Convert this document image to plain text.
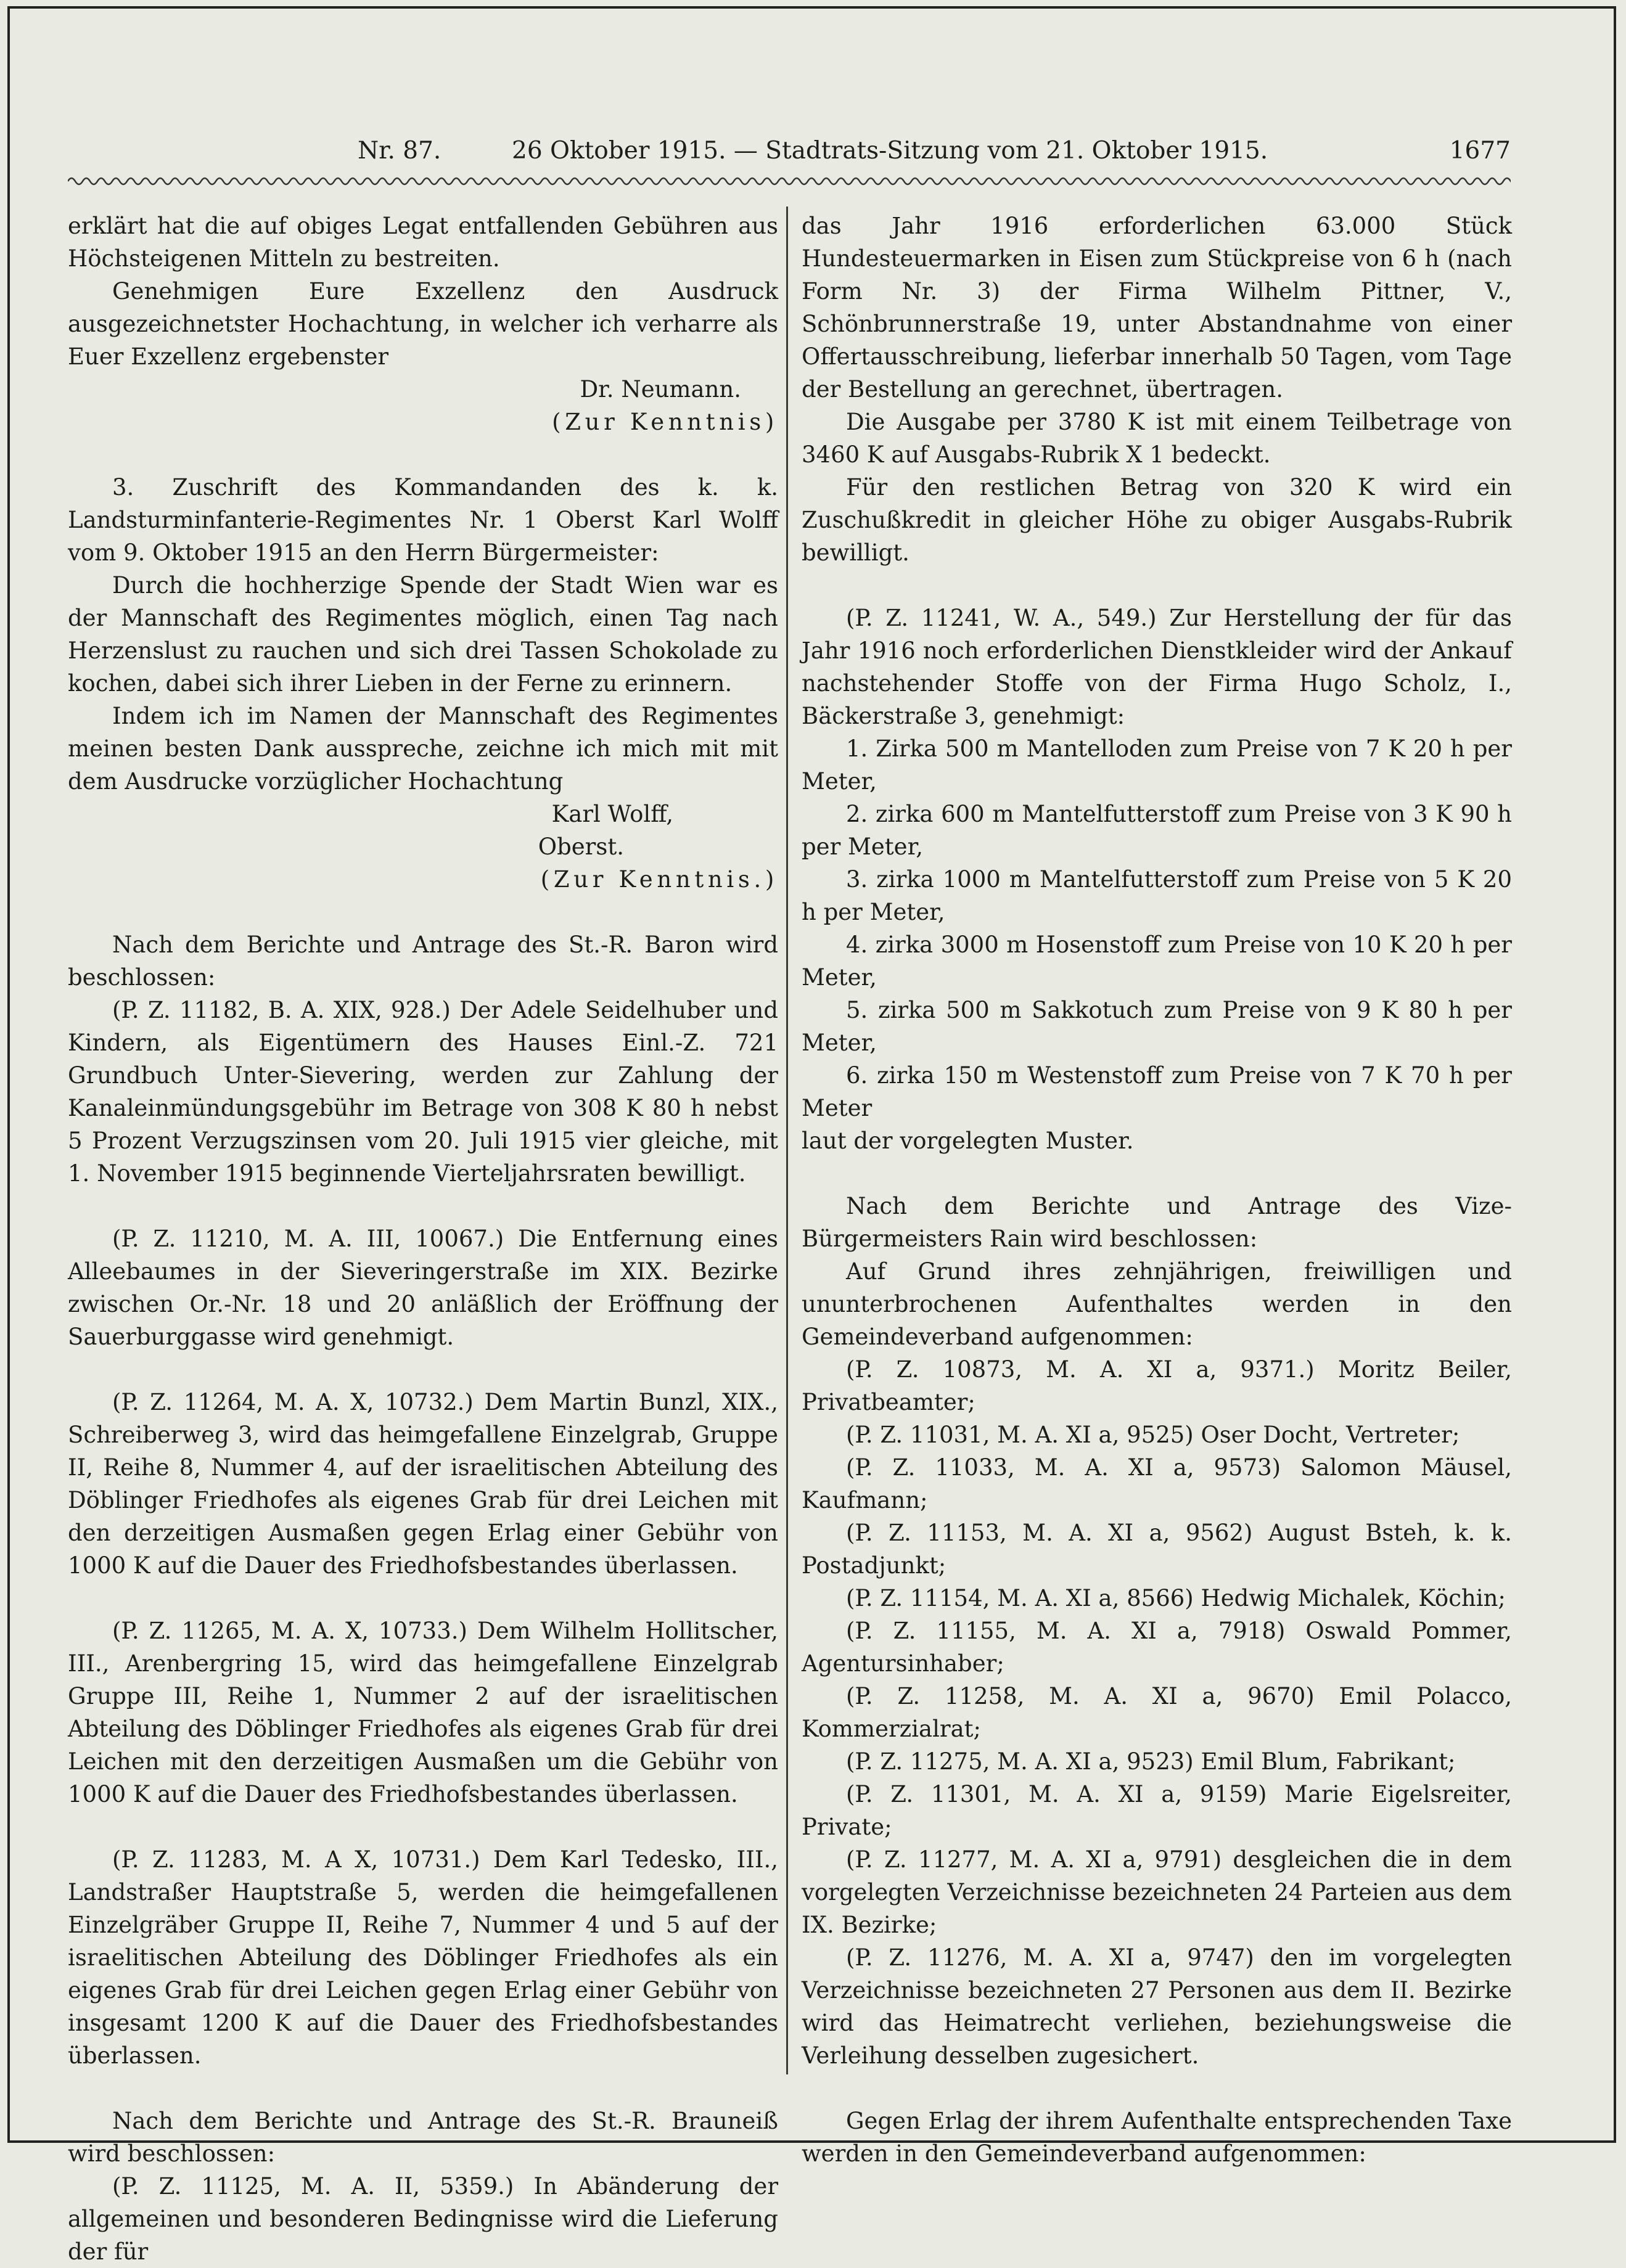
Nr. 87.	26 Oktober 1915. — Stadtrats-Sitzung vom 21. Oktober 1915.	1677

erklärt hat die auf obiges Legat entfallenden Gebühren aus Höchsteigenen Mitteln zu bestreiten.

Genehmigen Eure Exzellenz den Ausdruck ausgezeichnetster Hochachtung, in welcher ich verharre als Euer Exzellenz ergebenster

Dr. Neumann.

(Zur Kenntnis)

3. Zuschrift des Kommandanden des k. k. Landsturminfanterie-Regimentes Nr. 1 Oberst Karl Wolff vom 9. Oktober 1915 an den Herrn Bürgermeister:

Durch die hochherzige Spende der Stadt Wien war es der Mannschaft des Regimentes möglich, einen Tag nach Herzenslust zu rauchen und sich drei Tassen Schokolade zu kochen, dabei sich ihrer Lieben in der Ferne zu erinnern.

Indem ich im Namen der Mannschaft des Regimentes meinen besten Dank ausspreche, zeichne ich mich mit mit dem Ausdrucke vorzüglicher Hochachtung

Karl Wolff,

Oberst.

(Zur Kenntnis.)

Nach dem Berichte und Antrage des St.-R. Baron wird beschlossen:

(P. Z. 11182, B. A. XIX, 928.) Der Adele Seidelhuber und Kindern, als Eigentümern des Hauses Einl.-Z. 721 Grundbuch Unter-Sievering, werden zur Zahlung der Kanaleinmündungsgebühr im Betrage von 308 K 80 h nebst 5 Prozent Verzugszinsen vom 20. Juli 1915 vier gleiche, mit 1. November 1915 beginnende Vierteljahrsraten bewilligt.

(P. Z. 11210, M. A. III, 10067.) Die Entfernung eines Alleebaumes in der Sieveringerstraße im XIX. Bezirke zwischen Or.-Nr. 18 und 20 anläßlich der Eröffnung der Sauerburggasse wird genehmigt.

(P. Z. 11264, M. A. X, 10732.) Dem Martin Bunzl, XIX., Schreiberweg 3, wird das heimgefallene Einzelgrab, Gruppe II, Reihe 8, Nummer 4, auf der israelitischen Abteilung des Döblinger Friedhofes als eigenes Grab für drei Leichen mit den derzeitigen Ausmaßen gegen Erlag einer Gebühr von 1000 K auf die Dauer des Friedhofsbestandes überlassen.

(P. Z. 11265, M. A. X, 10733.) Dem Wilhelm Hollitscher, III., Arenbergring 15, wird das heimgefallene Einzelgrab Gruppe III, Reihe 1, Nummer 2 auf der israelitischen Abteilung des Döblinger Friedhofes als eigenes Grab für drei Leichen mit den derzeitigen Ausmaßen um die Gebühr von 1000 K auf die Dauer des Friedhofsbestandes überlassen.

(P. Z. 11283, M. A X, 10731.) Dem Karl Tedesko, III., Landstraßer Hauptstraße 5, werden die heimgefallenen Einzelgräber Gruppe II, Reihe 7, Nummer 4 und 5 auf der israelitischen Abteilung des Döblinger Friedhofes als ein eigenes Grab für drei Leichen gegen Erlag einer Gebühr von insgesamt 1200 K auf die Dauer des Friedhofsbestandes überlassen.

Nach dem Berichte und Antrage des St.-R. Brauneiß wird beschlossen:

(P. Z. 11125, M. A. II, 5359.) In Abänderung der allgemeinen und besonderen Bedingnisse wird die Lieferung der für

das Jahr 1916 erforderlichen 63.000 Stück Hundesteuermarken in Eisen zum Stückpreise von 6 h (nach Form Nr. 3) der Firma Wilhelm Pittner, V., Schönbrunnerstraße 19, unter Abstandnahme von einer Offertausschreibung, lieferbar innerhalb 50 Tagen, vom Tage der Bestellung an gerechnet, übertragen.

Die Ausgabe per 3780 K ist mit einem Teilbetrage von 3460 K auf Ausgabs-Rubrik X 1 bedeckt.

Für den restlichen Betrag von 320 K wird ein Zuschußkredit in gleicher Höhe zu obiger Ausgabs-Rubrik bewilligt.

(P. Z. 11241, W. A., 549.) Zur Herstellung der für das Jahr 1916 noch erforderlichen Dienstkleider wird der Ankauf nachstehender Stoffe von der Firma Hugo Scholz, I., Bäckerstraße 3, genehmigt:

1. Zirka 500 m Mantelloden zum Preise von 7 K 20 h per Meter,

2. zirka 600 m Mantelfutterstoff zum Preise von 3 K 90 h per Meter,

3. zirka 1000 m Mantelfutterstoff zum Preise von 5 K 20 h per Meter,

4. zirka 3000 m Hosenstoff zum Preise von 10 K 20 h per Meter,

5. zirka 500 m Sakkotuch zum Preise von 9 K 80 h per Meter,

6. zirka 150 m Westenstoff zum Preise von 7 K 70 h per Meter

laut der vorgelegten Muster.

Nach dem Berichte und Antrage des Vize-Bürgermeisters Rain wird beschlossen:

Auf Grund ihres zehnjährigen, freiwilligen und ununterbrochenen Aufenthaltes werden in den Gemeindeverband aufgenommen:

(P. Z. 10873, M. A. XI a, 9371.) Moritz Beiler, Privatbeamter;

(P. Z. 11031, M. A. XI a, 9525) Oser Docht, Vertreter;

(P. Z. 11033, M. A. XI a, 9573) Salomon Mäusel, Kaufmann;

(P. Z. 11153, M. A. XI a, 9562) August Bsteh, k. k. Postadjunkt;

(P. Z. 11154, M. A. XI a, 8566) Hedwig Michalek, Köchin;

(P. Z. 11155, M. A. XI a, 7918) Oswald Pommer, Agentursinhaber;

(P. Z. 11258, M. A. XI a, 9670) Emil Polacco, Kommerzialrat;

(P. Z. 11275, M. A. XI a, 9523) Emil Blum, Fabrikant;

(P. Z. 11301, M. A. XI a, 9159) Marie Eigelsreiter, Private;

(P. Z. 11277, M. A. XI a, 9791) desgleichen die in dem vorgelegten Verzeichnisse bezeichneten 24 Parteien aus dem IX. Bezirke;

(P. Z. 11276, M. A. XI a, 9747) den im vorgelegten Verzeichnisse bezeichneten 27 Personen aus dem II. Bezirke wird das Heimatrecht verliehen, beziehungsweise die Verleihung desselben zugesichert.

Gegen Erlag der ihrem Aufenthalte entsprechenden Taxe werden in den Gemeindeverband aufgenommen:
